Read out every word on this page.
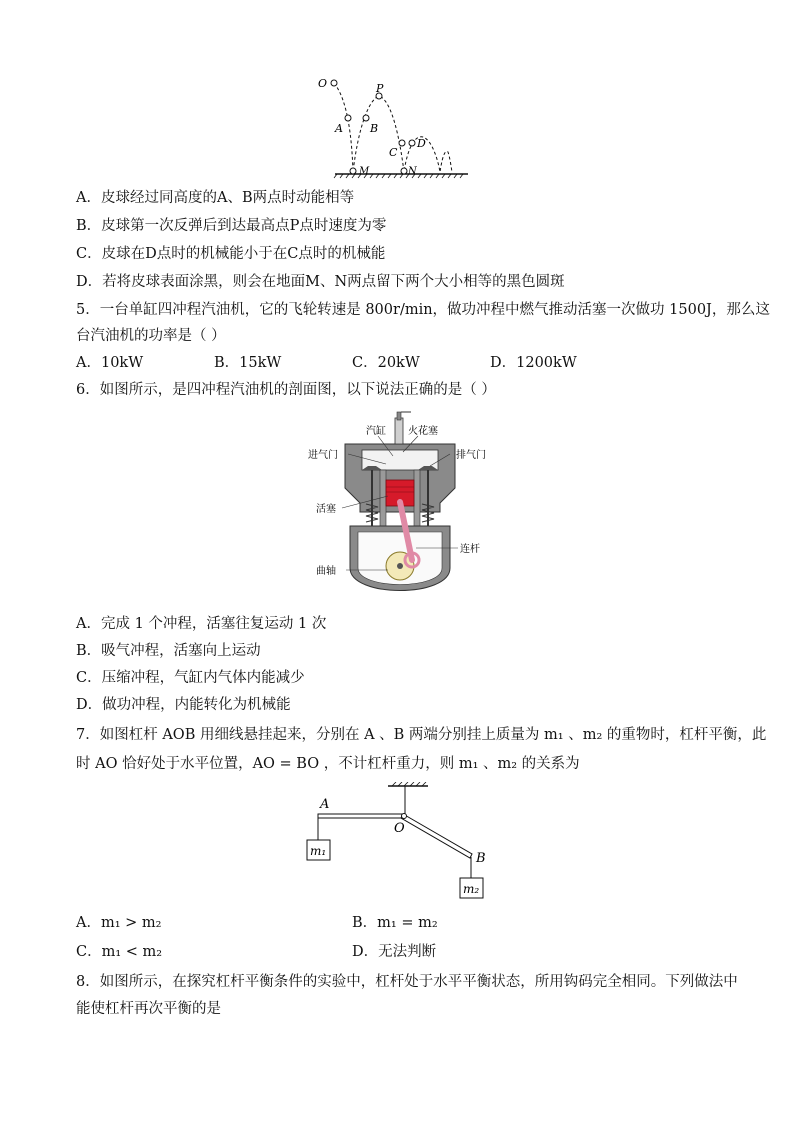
O	P
A B
C
D
M	N
A．皮球经过同高度的A、B两点时动能相等
B．皮球第一次反弹后到达最高点P点时速度为零
C．皮球在D点时的机械能小于在C点时的机械能
D．若将皮球表面涂黑，则会在地面M、N两点留下两个大小相等的黑色圆斑
5．一台单缸四冲程汽油机，它的飞轮转速是 800r/min，做功冲程中燃气推动活塞一次做功 1500J，那么这
台汽油机的功率是（ ）
A．10kW	B．15kW	C．20kW	D．1200kW
6．如图所示，是四冲程汽油机的剖面图，以下说法正确的是（ ）
汽缸 火花塞
进气门	排气门
活塞
连杆
曲轴
A．完成 1 个冲程，活塞往复运动 1 次
B．吸气冲程，活塞向上运动
C．压缩冲程，气缸内气体内能减少
D．做功冲程，内能转化为机械能
7．如图杠杆 AOB 用细线悬挂起来，分别在 A 、B 两端分别挂上质量为 m₁ 、m₂ 的重物时，杠杆平衡，此
时 AO 恰好处于水平位置，AO = BO ，不计杠杆重力，则 m₁ 、m₂ 的关系为
A
O
B
m₁
m₂
A．m₁ > m₂	B．m₁ = m₂
C．m₁ < m₂	D．无法判断
8．如图所示，在探究杠杆平衡条件的实验中，杠杆处于水平平衡状态，所用钩码完全相同。下列做法中
能使杠杆再次平衡的是
